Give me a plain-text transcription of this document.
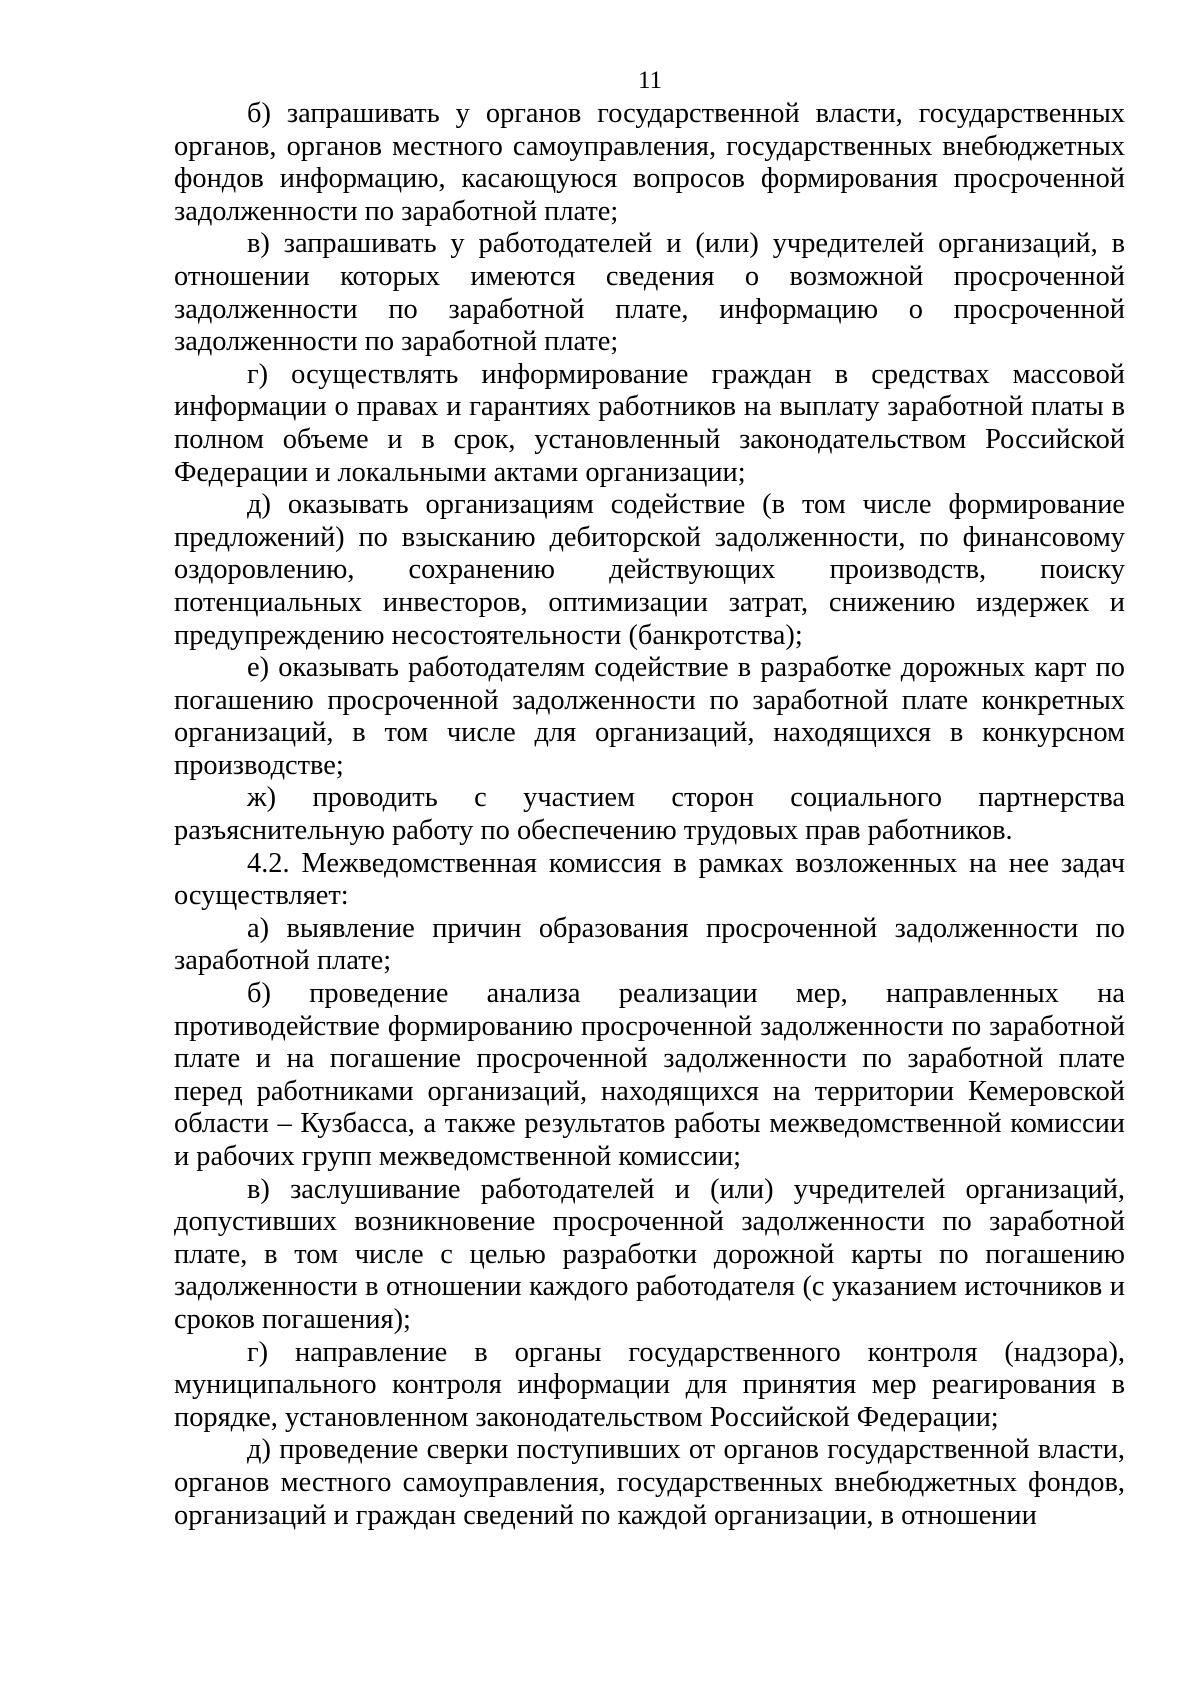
11

б) запрашивать у органов государственной власти, государственных органов, органов местного самоуправления, государственных внебюджетных фондов информацию, касающуюся вопросов формирования просроченной задолженности по заработной плате;

в) запрашивать у работодателей и (или) учредителей организаций, в отношении которых имеются сведения о возможной просроченной задолженности по заработной плате, информацию о просроченной задолженности по заработной плате;

г) осуществлять информирование граждан в средствах массовой информации о правах и гарантиях работников на выплату заработной платы в полном объеме и в срок, установленный законодательством Российской Федерации и локальными актами организации;

д) оказывать организациям содействие (в том числе формирование предложений) по взысканию дебиторской задолженности, по финансовому оздоровлению, сохранению действующих производств, поиску потенциальных инвесторов, оптимизации затрат, снижению издержек и предупреждению несостоятельности (банкротства);

е) оказывать работодателям содействие в разработке дорожных карт по погашению просроченной задолженности по заработной плате конкретных организаций, в том числе для организаций, находящихся в конкурсном производстве;

ж) проводить с участием сторон социального партнерства разъяснительную работу по обеспечению трудовых прав работников.

4.2. Межведомственная комиссия в рамках возложенных на нее задач осуществляет:

а) выявление причин образования просроченной задолженности по заработной плате;

б) проведение анализа реализации мер, направленных на противодействие формированию просроченной задолженности по заработной плате и на погашение просроченной задолженности по заработной плате перед работниками организаций, находящихся на территории Кемеровской области – Кузбасса, а также результатов работы межведомственной комиссии и рабочих групп межведомственной комиссии;

в) заслушивание работодателей и (или) учредителей организаций, допустивших возникновение просроченной задолженности по заработной плате, в том числе с целью разработки дорожной карты по погашению задолженности в отношении каждого работодателя (с указанием источников и сроков погашения);

г) направление в органы государственного контроля (надзора), муниципального контроля информации для принятия мер реагирования в порядке, установленном законодательством Российской Федерации;

д) проведение сверки поступивших от органов государственной власти, органов местного самоуправления, государственных внебюджетных фондов, организаций и граждан сведений по каждой организации, в отношении
